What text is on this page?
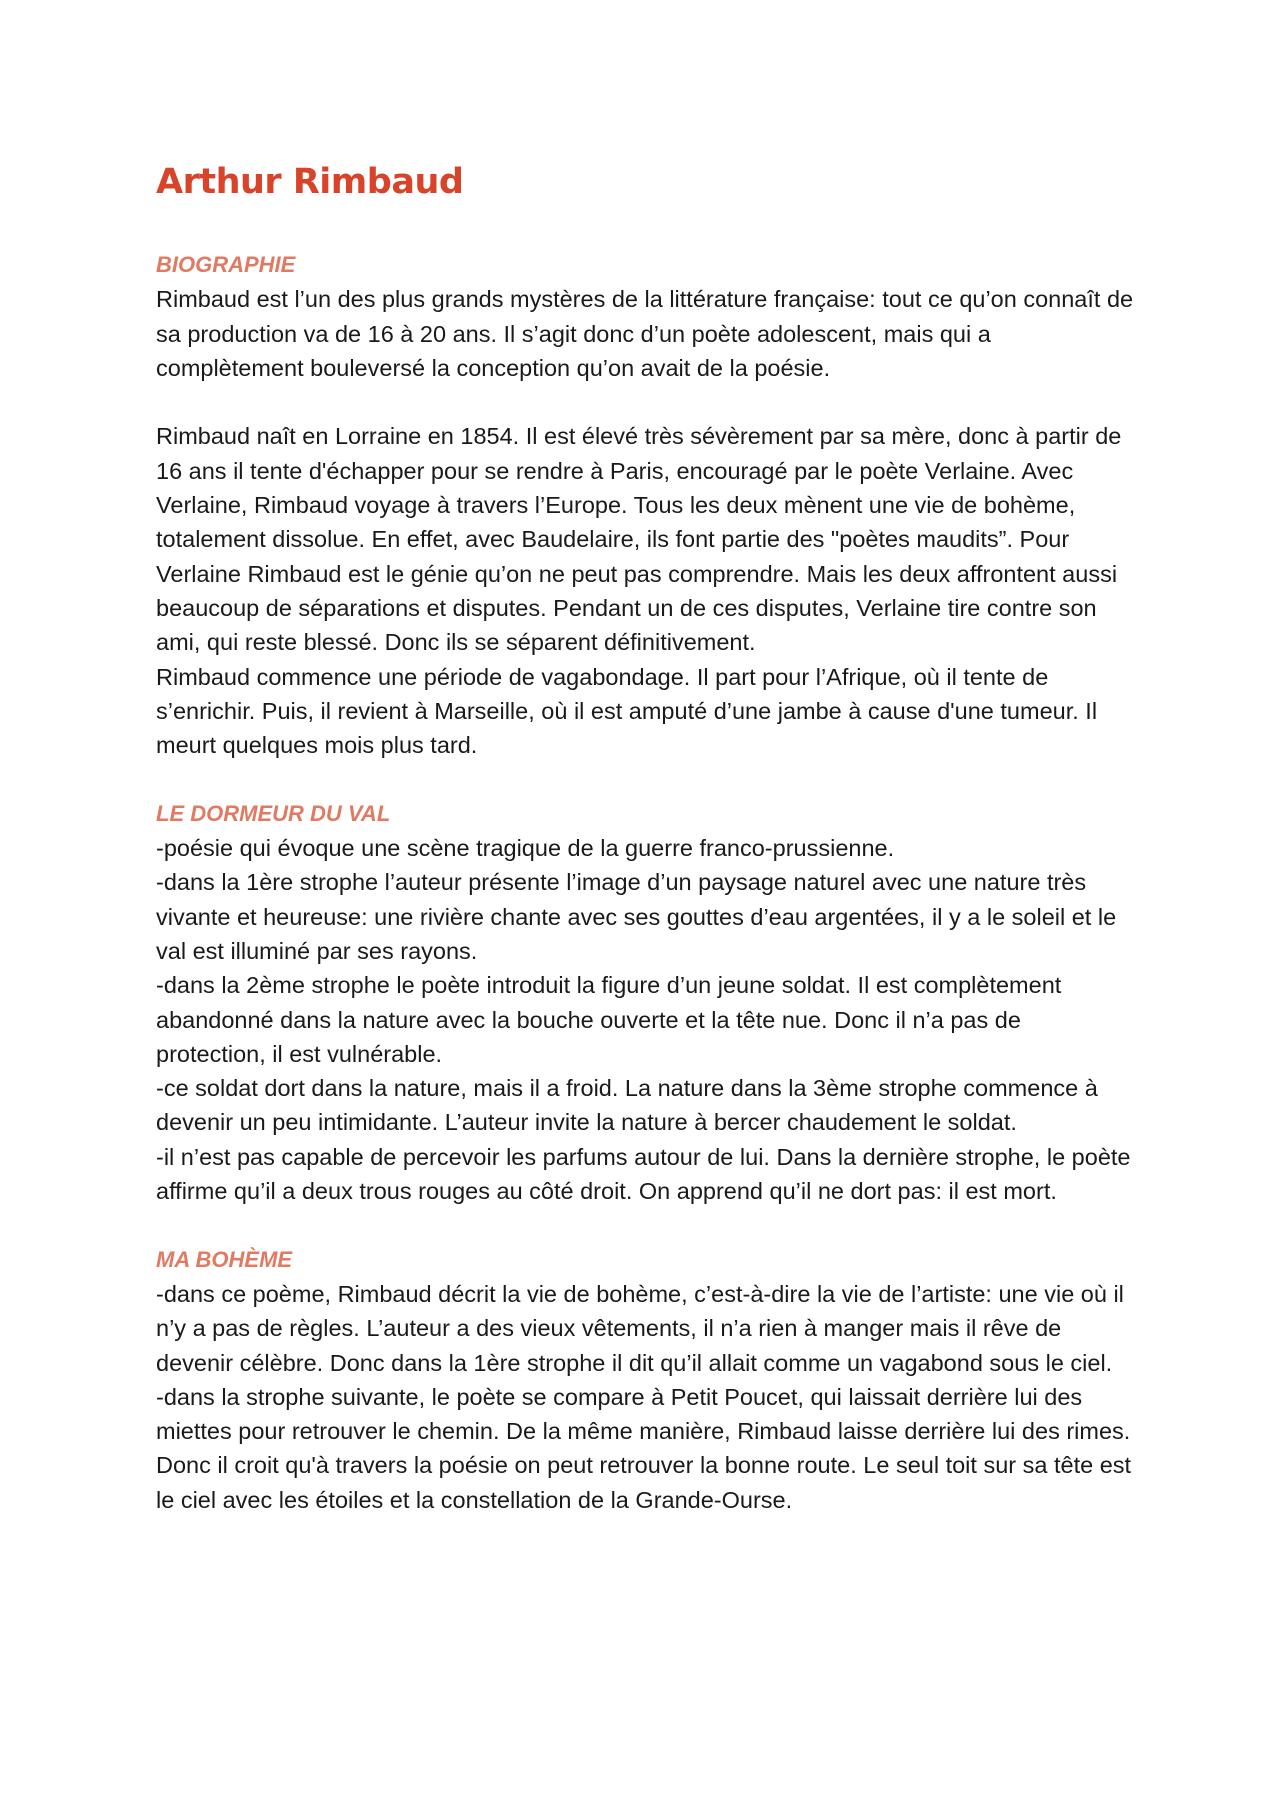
Arthur Rimbaud
BIOGRAPHIE

Rimbaud est l’un des plus grands mystères de la littérature française: tout ce qu’on connaît de sa production va de 16 à 20 ans. Il s’agit donc d’un poète adolescent, mais qui a complètement bouleversé la conception qu’on avait de la poésie.

Rimbaud naît en Lorraine en 1854. Il est élevé très sévèrement par sa mère, donc à partir de 16 ans il tente d'échapper pour se rendre à Paris, encouragé par le poète Verlaine. Avec Verlaine, Rimbaud voyage à travers l’Europe. Tous les deux mènent une vie de bohème, totalement dissolue. En effet, avec Baudelaire, ils font partie des "poètes maudits”. Pour Verlaine Rimbaud est le génie qu’on ne peut pas comprendre. Mais les deux affrontent aussi beaucoup de séparations et disputes. Pendant un de ces disputes, Verlaine tire contre son ami, qui reste blessé. Donc ils se séparent définitivement.

Rimbaud commence une période de vagabondage. Il part pour l’Afrique, où il tente de s’enrichir. Puis, il revient à Marseille, où il est amputé d’une jambe à cause d'une tumeur. Il meurt quelques mois plus tard.

LE DORMEUR DU VAL

-poésie qui évoque une scène tragique de la guerre franco-prussienne.

-dans la 1ère strophe l’auteur présente l’image d’un paysage naturel avec une nature très vivante et heureuse: une rivière chante avec ses gouttes d’eau argentées, il y a le soleil et le val est illuminé par ses rayons.

-dans la 2ème strophe le poète introduit la figure d’un jeune soldat. Il est complètement abandonné dans la nature avec la bouche ouverte et la tête nue. Donc il n’a pas de protection, il est vulnérable.

-ce soldat dort dans la nature, mais il a froid. La nature dans la 3ème strophe commence à devenir un peu intimidante. L’auteur invite la nature à bercer chaudement le soldat.

-il n’est pas capable de percevoir les parfums autour de lui. Dans la dernière strophe, le poète affirme qu’il a deux trous rouges au côté droit. On apprend qu’il ne dort pas: il est mort.

MA BOHÈME

-dans ce poème, Rimbaud décrit la vie de bohème, c’est-à-dire la vie de l’artiste: une vie où il n’y a pas de règles. L’auteur a des vieux vêtements, il n’a rien à manger mais il rêve de devenir célèbre. Donc dans la 1ère strophe il dit qu’il allait comme un vagabond sous le ciel.

-dans la strophe suivante, le poète se compare à Petit Poucet, qui laissait derrière lui des miettes pour retrouver le chemin. De la même manière, Rimbaud laisse derrière lui des rimes. Donc il croit qu'à travers la poésie on peut retrouver la bonne route. Le seul toit sur sa tête est le ciel avec les étoiles et la constellation de la Grande-Ourse.
